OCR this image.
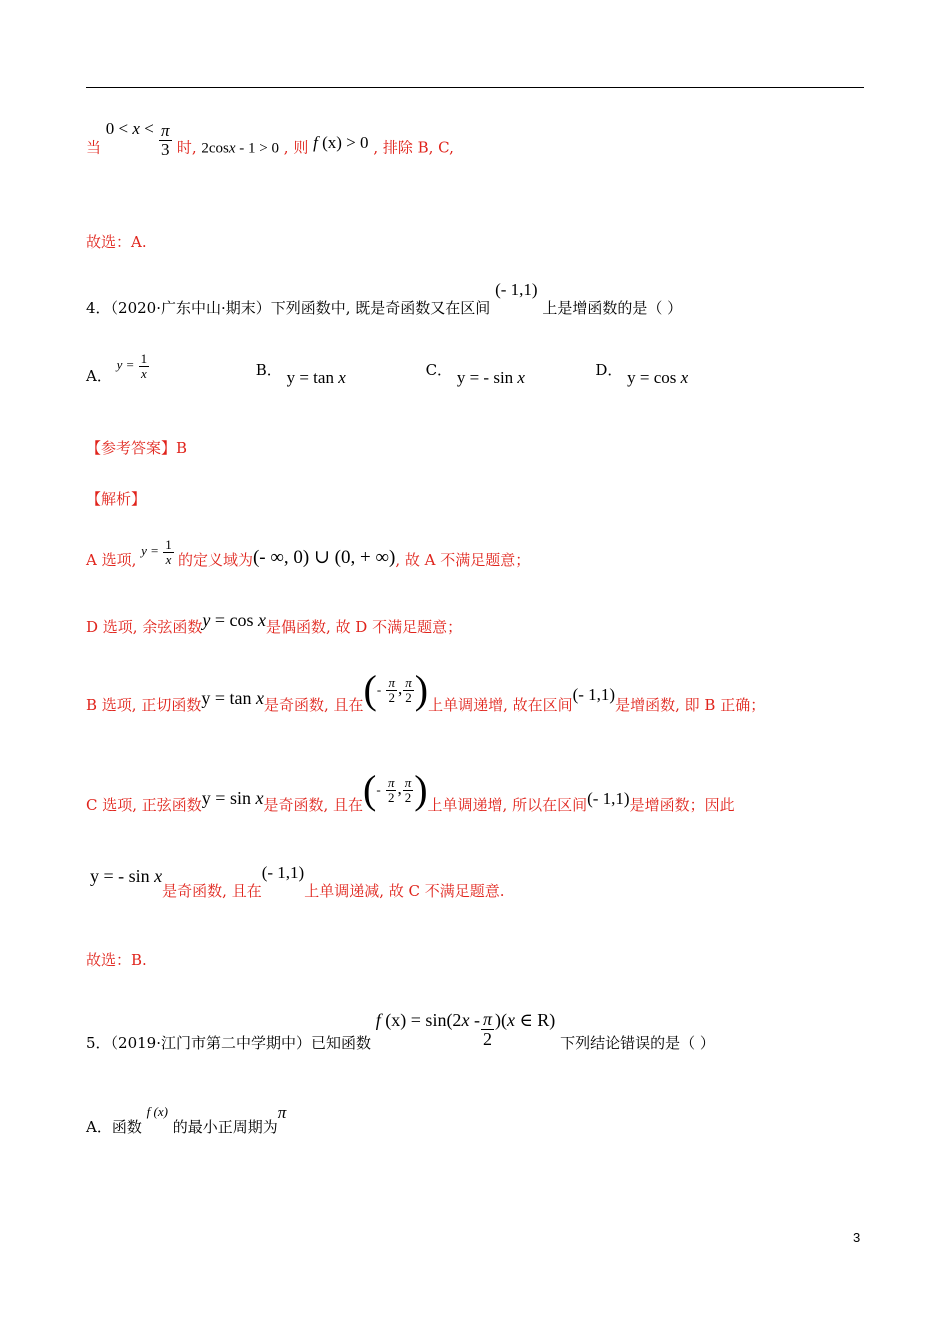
当 $0 < x < \frac{\pi}{3}$ 时, 2cosx - 1 > 0 , 则 f (x) > 0 , 排除 B, C,
故选：A.
4．（2020·广东中山·期末）下列函数中, 既是奇函数又在区间 (- 1,1) 上是增函数的是（ ）
A． $y = \frac{1}{x}$	B． y = tan x	C． y = - sin x	D． y = cos x
【参考答案】B
【解析】
A 选项, $y = \frac{1}{x}$ 的定义域为(- ∞, 0) ∪ (0, + ∞), 故 A 不满足题意；
D 选项, 余弦函数y = cos x是偶函数, 故 D 不满足题意；
B 选项, 正切函数y = tan x是奇函数, 且在(- $\frac{\pi}{2}$ , $\frac{\pi}{2}$ )上单调递增, 故在区间(- 1,1)是增函数, 即 B 正确；
C 选项, 正弦函数y = sin x是奇函数, 且在(- $\frac{\pi}{2}$ , $\frac{\pi}{2}$ )上单调递增, 所以在区间(- 1,1)是增函数；因此
y = - sin x是奇函数, 且在(- 1,1)上单调递减, 故 C 不满足题意.
故选：B.
5．（2019·江门市第二中学期中）已知函数 f $(x) = \sin(2x - \frac{\pi}{2} )(x$ ∈ R) 下列结论错误的是（ ）
A．函数 f (x) 的最小正周期为π
3
